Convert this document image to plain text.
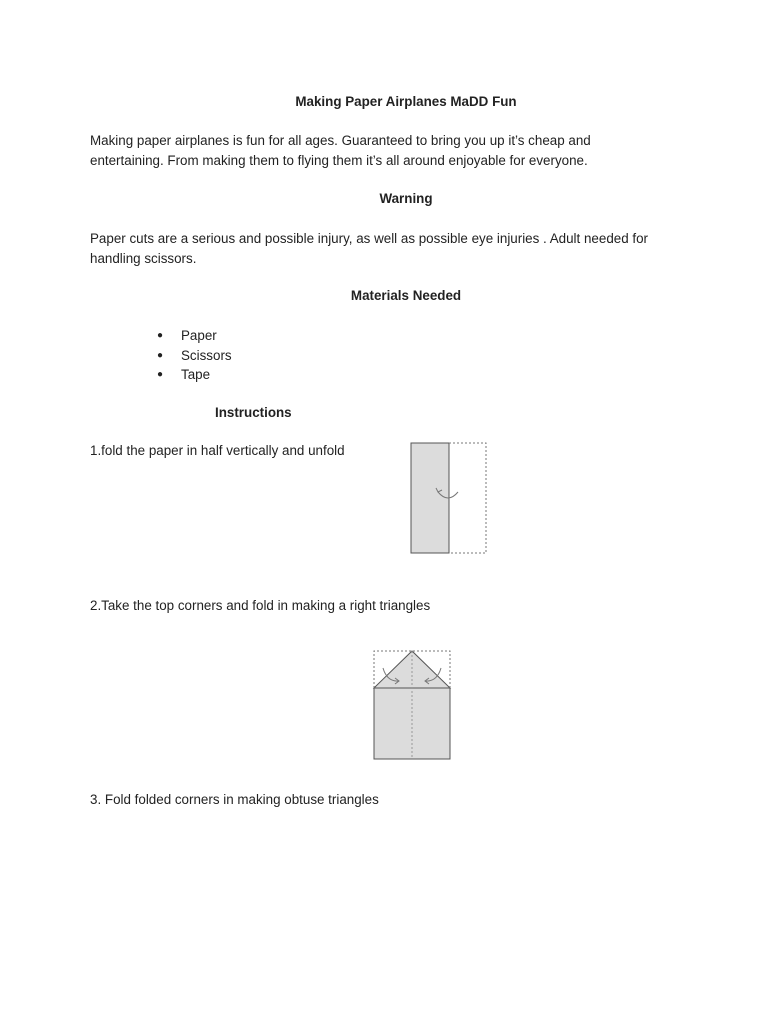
Making Paper Airplanes MaDD Fun
Making paper airplanes is fun for all ages. Guaranteed to bring you up it’s cheap and
entertaining. From making them to flying them it’s all around enjoyable for everyone.
Warning
Paper cuts are a serious and possible injury, as well as possible eye injuries . Adult needed for
handling scissors.
Materials Needed
● Paper
● Scissors
● Tape
Instructions
1.fold the paper in half vertically and unfold
2.Take the top corners and fold in making a right triangles
3. Fold folded corners in making obtuse triangles
